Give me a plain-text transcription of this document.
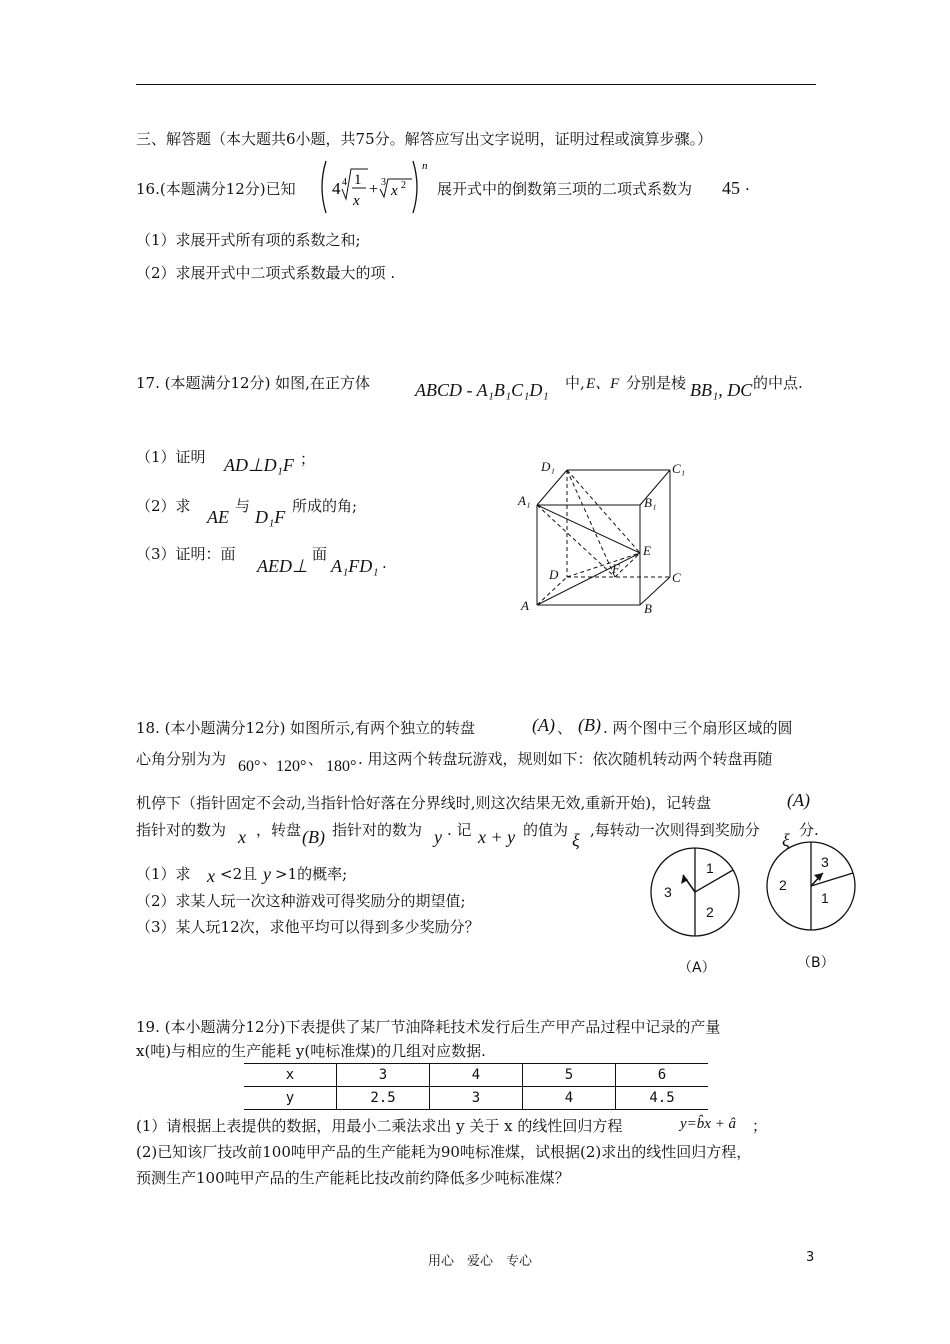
三、解答题（本大题共6小题，共75分。解答应写出文字说明，证明过程或演算步骤。）
16.(本题满分12分)已知 4 4 1
x
+ 3
x 2
n
展开式中的倒数第三项的二项式系数为 45 .
（1）求展开式所有项的系数之和;
（2）求展开式中二项式系数最大的项 .
17. (本题满分12分) 如图,在正方体	ABCD - A₁B₁C₁D₁ 中, E、F 分别是棱 BB₁, DC 的中点.
（1）证明 AD⊥D₁F ；
（2）求
AE
与
D₁F
所成的角;
（3）证明：面
AED⊥
面
A₁FD₁ .
D₁	C₁
A₁	B₁
E
D	F
C
A	B
18. (本小题满分12分) 如图所示,有两个独立的转盘	(A) 、 (B) . 两个图中三个扇形区域的圆
心角分别为为 60° 、
120° 、 180° . 用这两个转盘玩游戏，规则如下：依次随机转动两个转盘再随
机停下（指针固定不会动,当指针恰好落在分界线时,则这次结果无效,重新开始)，记转盘	(A)
指针对的数为 x ，转盘 (B) 指针对的数为 y . 记 x + y 的值为 ξ ,每转动一次则得到奖励分 ξ 分.
（1）求 x <2且 y >1的概率;
（2）求某人玩一次这种游戏可得奖励分的期望值;
（3）某人玩12次，求他平均可以得到多少奖励分？
1
2
3
（A）
1
2
3
（B）
19. (本小题满分12分)下表提供了某厂节油降耗技术发行后生产甲产品过程中记录的产量
x(吨)与相应的生产能耗 y(吨标准煤)的几组对应数据.
x	3	4	5	6
y	2.5	3	4	4.5
(1）请根据上表提供的数据，用最小二乘法求出 y 关于 x 的线性回归方程	y=b̂x + â ；
(2)已知该厂技改前100吨甲产品的生产能耗为90吨标准煤，试根据(2)求出的线性回归方程，
预测生产100吨甲产品的生产能耗比技改前约降低多少吨标准煤？
用心　爱心　专心	3
